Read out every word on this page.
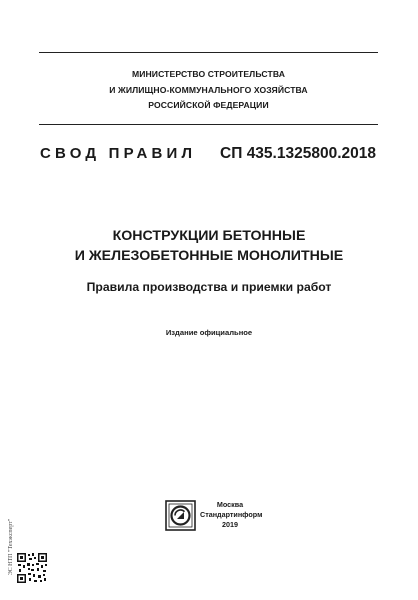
МИНИСТЕРСТВО СТРОИТЕЛЬСТВА
И ЖИЛИЩНО-КОММУНАЛЬНОГО ХОЗЯЙСТВА
РОССИЙСКОЙ ФЕДЕРАЦИИ
СВОД ПРАВИЛ СП 435.1325800.2018
КОНСТРУКЦИИ БЕТОННЫЕ
И ЖЕЛЕЗОБЕТОННЫЕ МОНОЛИТНЫЕ
Правила производства и приемки работ
Издание официальное
Москва
Стандартинформ
2019
ЭС НТП "Техэксперт"
